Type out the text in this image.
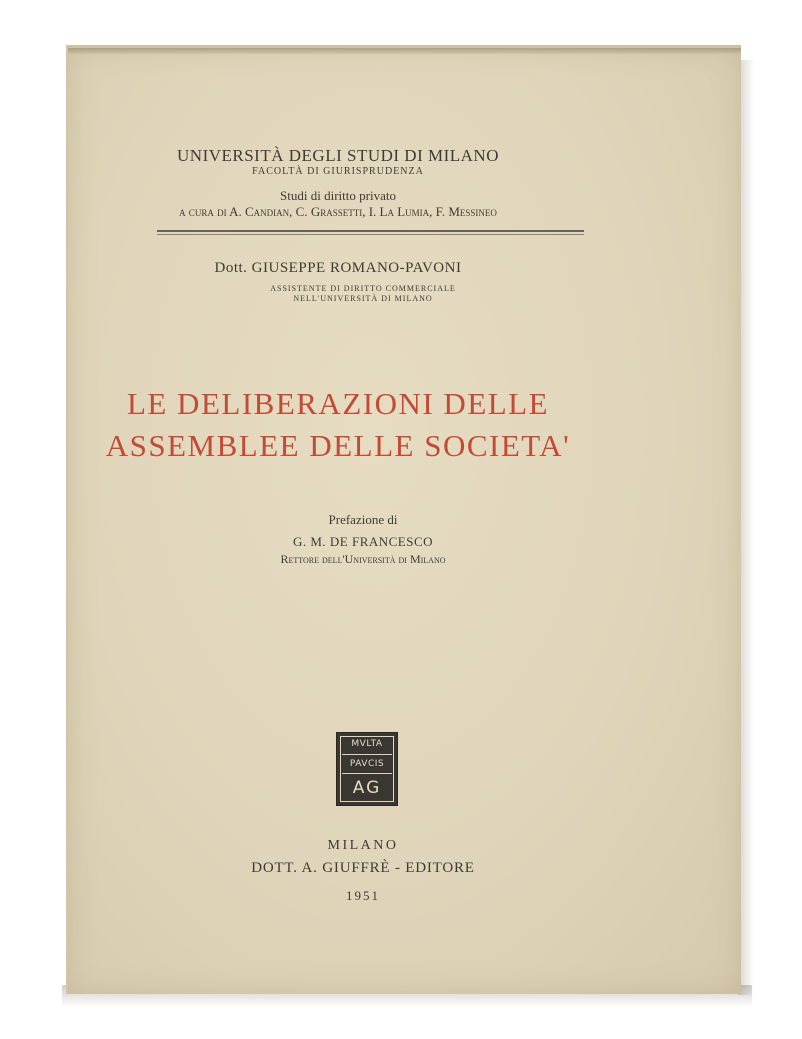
UNIVERSITÀ DEGLI STUDI DI MILANO
FACOLTÀ DI GIURISPRUDENZA
Studi di diritto privato
a cura di A. Candian, C. Grassetti, I. La Lumia, F. Messineo
Dott. GIUSEPPE ROMANO-PAVONI
ASSISTENTE DI DIRITTO COMMERCIALE
NELL'UNIVERSITÀ DI MILANO
LE DELIBERAZIONI DELLE
ASSEMBLEE DELLE SOCIETA'
Prefazione di
G. M. DE FRANCESCO
Rettore dell'Università di Milano
MVLTA
PAVCIS
AG
MILANO
DOTT. A. GIUFFRÈ - EDITORE
1951
